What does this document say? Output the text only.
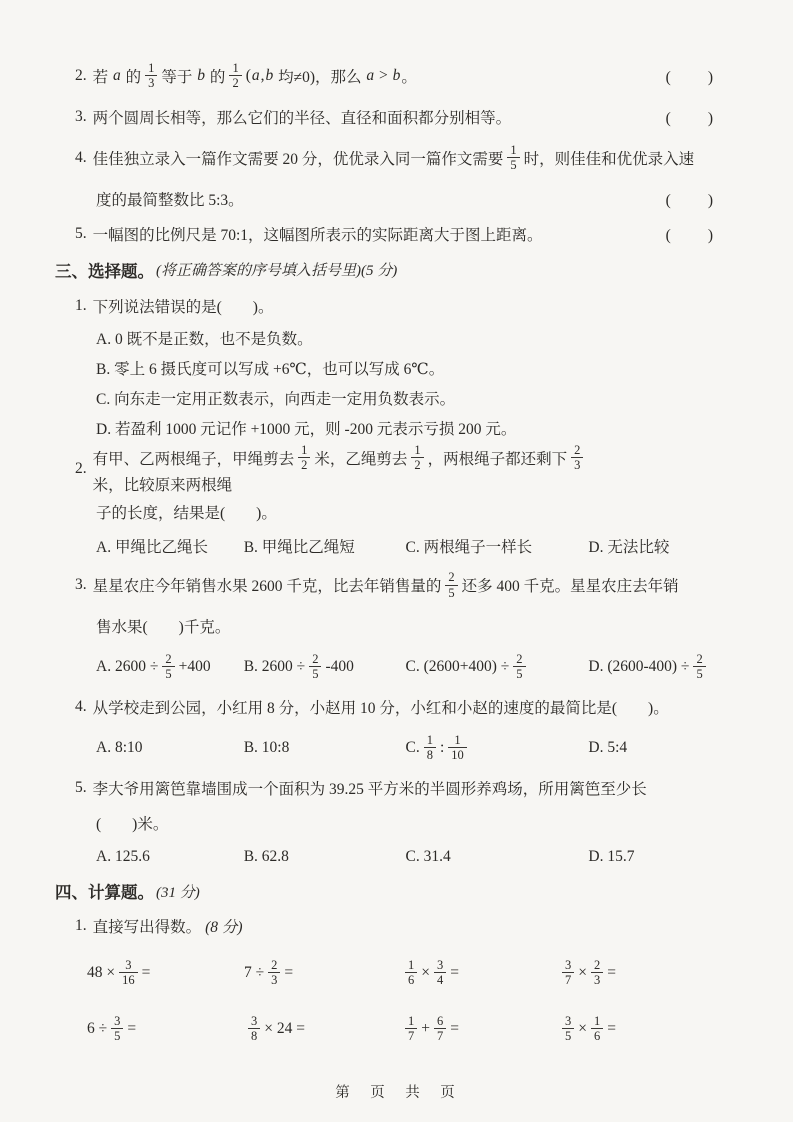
2. 若 a 的 $\frac{1}{3}$ 等于 b 的 $\frac{1}{2}$ ( a , b 均≠0)，那么 a > b 。	(　　)
3. 两个圆周长相等，那么它们的半径、直径和面积都分别相等。	(　　)
4. 佳佳独立录入一篇作文需要 20 分，优优录入同一篇作文需要 $\frac{1}{5}$ 时，则佳佳和优优录入速
度的最简整数比 5:3。	(　　)
5. 一幅图的比例尺是 70:1，这幅图所表示的实际距离大于图上距离。	(　　)
三、选择题。 (将正确答案的序号填入括号里)(5 分)
1. 下列说法错误的是(　　)。
A. 0 既不是正数，也不是负数。
B. 零上 6 摄氏度可以写成 +6℃，也可以写成 6℃。
C. 向东走一定用正数表示，向西走一定用负数表示。
D. 若盈利 1000 元记作 +1000 元，则 -200 元表示亏损 200 元。
2.
有甲、乙两根绳子，甲绳剪去 $\frac{1}{2}$ 米，乙绳剪去 $\frac{1}{2}$ ，两根绳子都还剩下 $\frac{2}{3}$
米，比较原来两根绳
子的长度，结果是(　　)。
A. 甲绳比乙绳长 B. 甲绳比乙绳短	C. 两根绳子一样长	D. 无法比较
3. 星星农庄今年销售水果 2600 千克，比去年销售量的 $\frac{2}{5}$ 还多 400 千克。星星农庄去年销
售水果(　　)千克。
A. $2600 \div \frac{2}{5} +400$ B. $2600 \div \frac{2}{5} -400$	C. $(2600+400) \div \frac{2}{5}$	D. $(2600-400) \div \frac{2}{5}$
4. 从学校走到公园，小红用 8 分，小赵用 10 分，小红和小赵的速度的最简比是(　　)。
A. 8:10	B. 10:8	C. $\frac{1}{8}$ : $\frac{1}{10}$	D. 5:4
5. 李大爷用篱笆靠墙围成一个面积为 39.25 平方米的半圆形养鸡场，所用篱笆至少长
(　　)米。
A. 125.6	B. 62.8	C. 31.4	D. 15.7
四、计算题。 (31 分)
1. 直接写出得数。 (8 分)
$48 \times \frac{3}{16}$ =	$7 \div \frac{2}{3}$ =	$\frac{1}{6} \times \frac{3}{4}$ =	$\frac{3}{7} \times \frac{2}{3}$ =
$6 \div \frac{3}{5}$ =	$\frac{3}{8} \times 24$ =	$\frac{1}{7} + \frac{6}{7}$ =	$\frac{3}{5} \times \frac{1}{6}$ =
第　页　共　页
